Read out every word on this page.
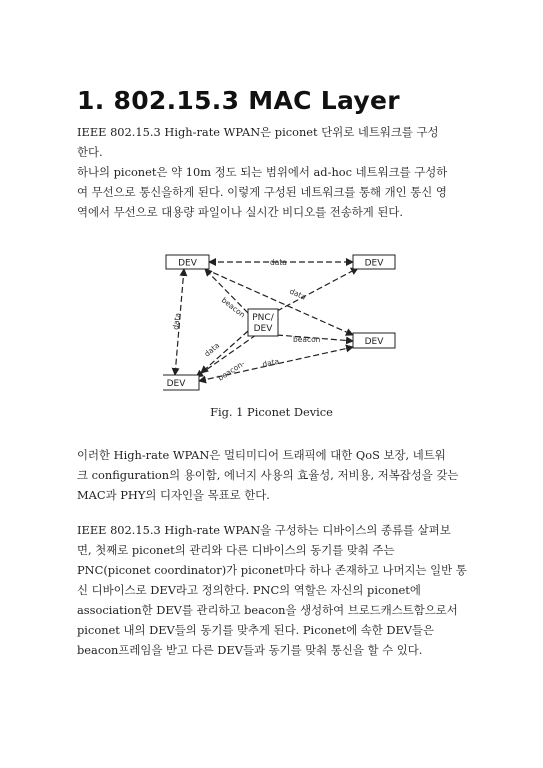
1. 802.15.3 MAC Layer
IEEE 802.15.3 High-rate WPAN은 piconet 단위로 네트워크를 구성
한다.
하나의 piconet은 약 10m 정도 되는 범위에서 ad-hoc 네트워크를 구성하
여 무선으로 통신을하게 된다. 이렇게 구성된 네트워크를 통해 개인 통신 영
역에서 무선으로 대용량 파일이나 실시간 비디오를 전송하게 된다.
DEV	DEV
PNC/
DEV
DEV
DEV
data
beacon
data
data
beacon
data
beacon- data
Fig. 1 Piconet Device
이러한 High-rate WPAN은 멀티미디어 트래픽에 대한 QoS 보장, 네트워
크 configuration의 용이함, 에너지 사용의 효율성, 저비용, 저복잡성을 갖는
MAC과 PHY의 디자인을 목표로 한다.
IEEE 802.15.3 High-rate WPAN을 구성하는 디바이스의 종류를 살펴보
면, 첫째로 piconet의 관리와 다른 디바이스의 동기를 맞춰 주는
PNC(piconet coordinator)가 piconet마다 하나 존재하고 나머지는 일반 통
신 디바이스로 DEV라고 정의한다. PNC의 역할은 자신의 piconet에
association한 DEV를 관리하고 beacon을 생성하여 브로드캐스트함으로서
piconet 내의 DEV들의 동기를 맞추게 된다. Piconet에 속한 DEV들은
beacon프레임을 받고 다른 DEV들과 동기를 맞춰 통신을 할 수 있다.
